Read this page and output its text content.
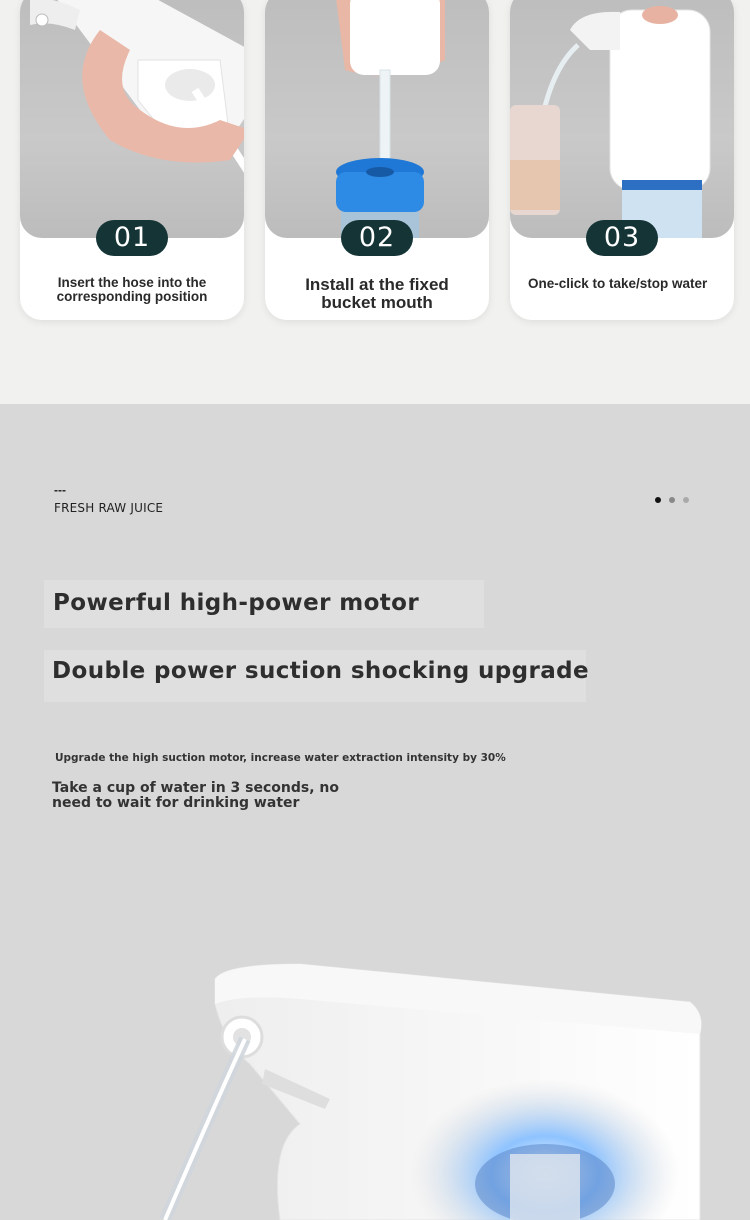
01
Insert the hose into the
corresponding position
02
Install at the fixed
bucket mouth
03
One-click to take/stop water
---
FRESH RAW JUICE
Powerful high-power motor
Double power suction shocking upgrade
Upgrade the high suction motor, increase water extraction intensity by 30%
Take a cup of water in 3 seconds, no
need to wait for drinking water
